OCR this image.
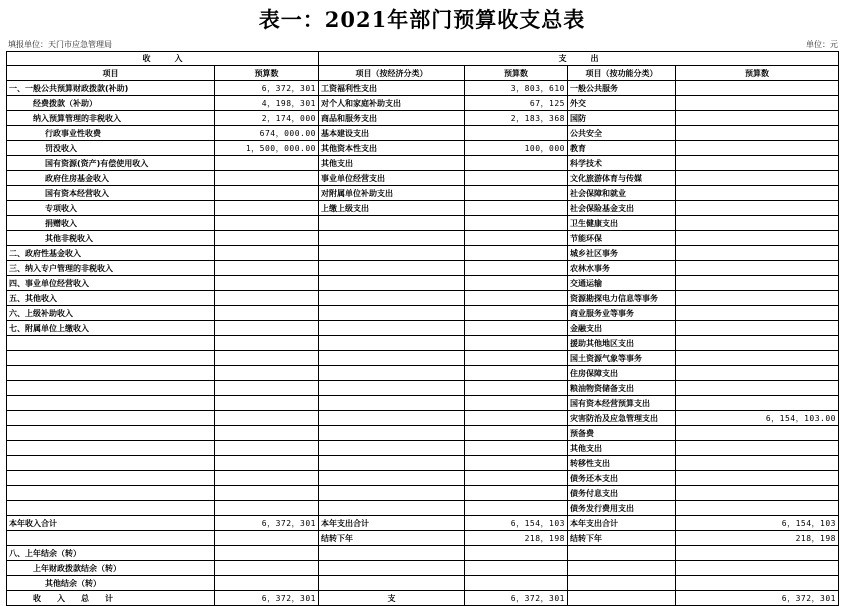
表一：2021年部门预算收支总表
填报单位：天门市应急管理局	单位：元
收　　　入		支　　　出			
项目	预算数	项目（按经济分类）	预算数	项目（按功能分类）	预算数
一、一般公共预算财政拨款(补助)	6，372，301	工资福利性支出	3，803，610	一般公共服务	
经费拨款（补助）	4，198，301	对个人和家庭补助支出	67，125	外交	
纳入预算管理的非税收入	2，174，000	商品和服务支出	2，183，368	国防	
行政事业性收费	674，000.00	基本建设支出		公共安全	
罚没收入	1，500，000.00	其他资本性支出	100，000	教育	
国有资源(资产)有偿使用收入		其他支出		科学技术	
政府住房基金收入		事业单位经营支出		文化旅游体育与传媒	
国有资本经营收入		对附属单位补助支出		社会保障和就业	
专项收入		上缴上级支出		社会保险基金支出	
捐赠收入				卫生健康支出	
其他非税收入				节能环保	
二、政府性基金收入				城乡社区事务	
三、纳入专户管理的非税收入				农林水事务	
四、事业单位经营收入				交通运输	
五、其他收入				资源勘探电力信息等事务	
六、上级补助收入				商业服务业等事务	
七、附属单位上缴收入				金融支出	
				援助其他地区支出	
				国土资源气象等事务	
				住房保障支出	
				粮油物资储备支出	
				国有资本经营预算支出	
				灾害防治及应急管理支出	6，154，103.00
				预备费	
				其他支出	
				转移性支出	
				债务还本支出	
				债务付息支出	
				债务发行费用支出	
本年收入合计	6，372，301	本年支出合计	6，154，103	本年支出合计	6，154，103
		结转下年	218，198	结转下年	218，198
八、上年结余（转）					
上年财政拨款结余（转）					
其他结余（转）					
收　　入　　总　　计	6，372，301	支	6，372，301		6，372，301
